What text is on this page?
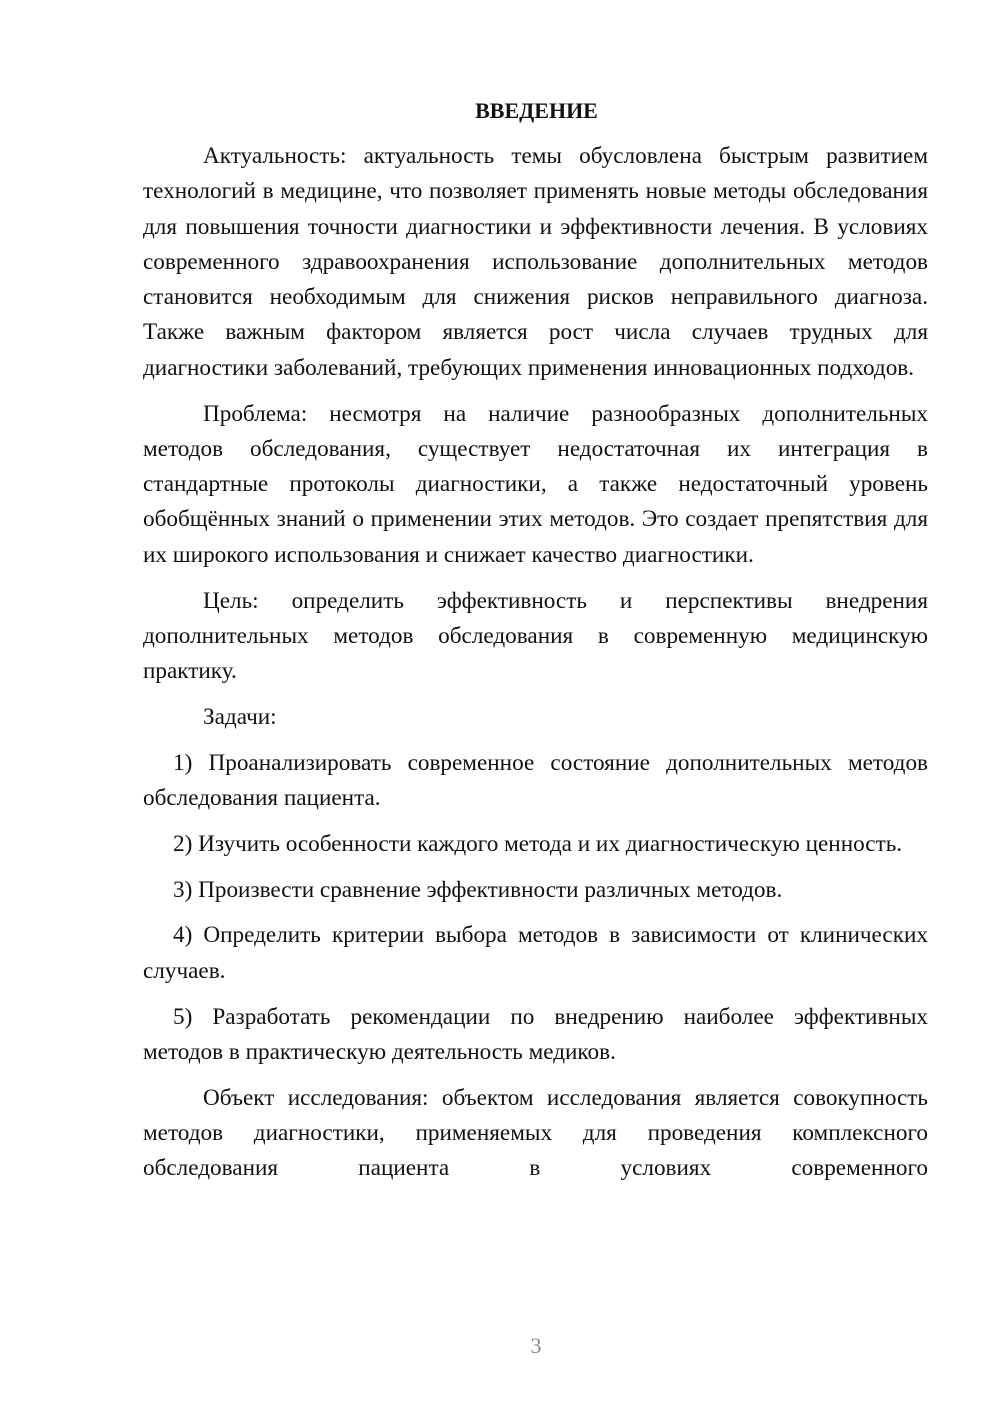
ВВЕДЕНИЕ

Актуальность: актуальность темы обусловлена быстрым развитием технологий в медицине, что позволяет применять новые методы обследования для повышения точности диагностики и эффективности лечения. В условиях современного здравоохранения использование дополнительных методов становится необходимым для снижения рисков неправильного диагноза. Также важным фактором является рост числа случаев трудных для диагностики заболеваний, требующих применения инновационных подходов.

Проблема: несмотря на наличие разнообразных дополнительных методов обследования, существует недостаточная их интеграция в стандартные протоколы диагностики, а также недостаточный уровень обобщённых знаний о применении этих методов. Это создает препятствия для их широкого использования и снижает качество диагностики.

Цель: определить эффективность и перспективы внедрения дополнительных методов обследования в современную медицинскую практику.

Задачи:

1) Проанализировать современное состояние дополнительных методов обследования пациента.

2) Изучить особенности каждого метода и их диагностическую ценность.

3) Произвести сравнение эффективности различных методов.

4) Определить критерии выбора методов в зависимости от клинических случаев.

5) Разработать рекомендации по внедрению наиболее эффективных методов в практическую деятельность медиков.

Объект исследования: объектом исследования является совокупность методов диагностики, применяемых для проведения комплексного обследования пациента в условиях современного

3
